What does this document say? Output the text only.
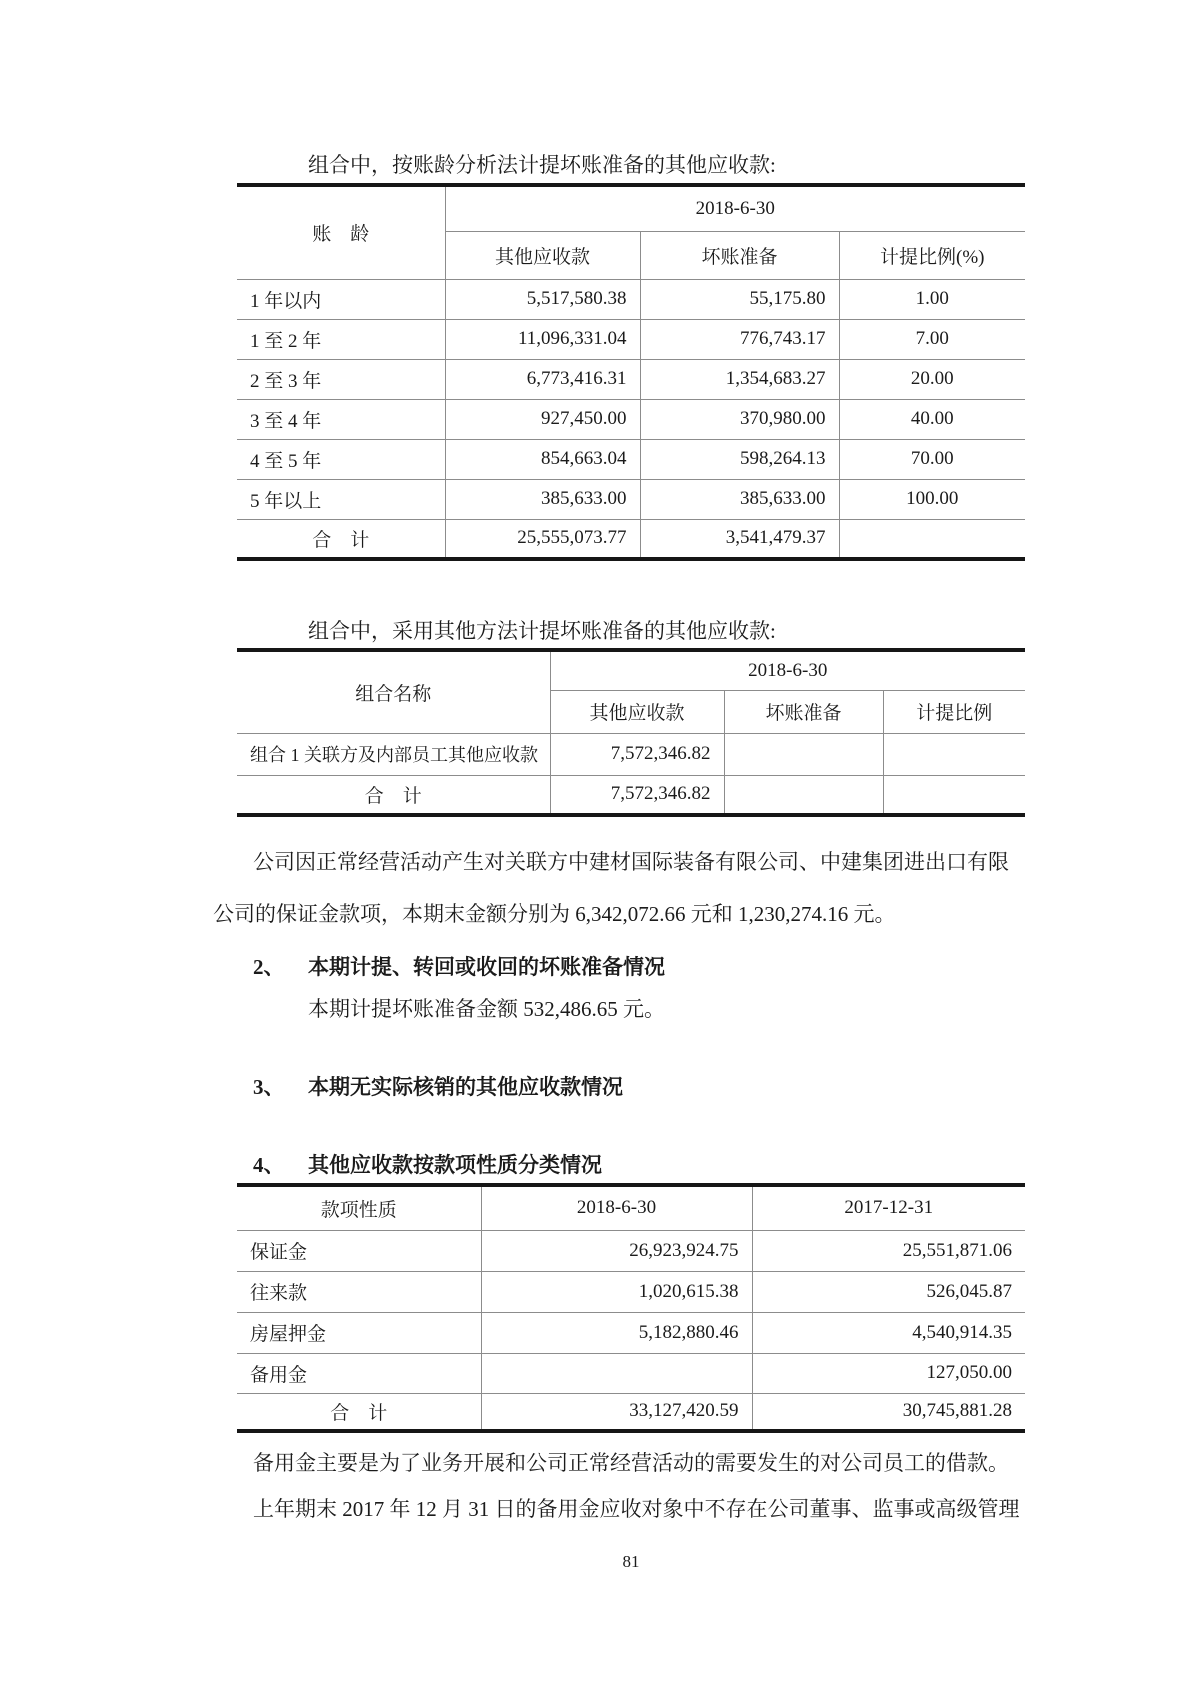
组合中，按账龄分析法计提坏账准备的其他应收款:
账　龄	2018-6-30		
	其他应收款	坏账准备	计提比例(%)
1 年以内	5,517,580.38	55,175.80	1.00
1 至 2 年	11,096,331.04	776,743.17	7.00
2 至 3 年	6,773,416.31	1,354,683.27	20.00
3 至 4 年	927,450.00	370,980.00	40.00
4 至 5 年	854,663.04	598,264.13	70.00
5 年以上	385,633.00	385,633.00	100.00
合　计	25,555,073.77	3,541,479.37	
组合中，采用其他方法计提坏账准备的其他应收款:
组合名称	2018-6-30		
	其他应收款	坏账准备	计提比例
组合 1 关联方及内部员工其他应收款	7,572,346.82		
合　计	7,572,346.82		
公司因正常经营活动产生对关联方中建材国际装备有限公司、中建集团进出口有限
公司的保证金款项，本期末金额分别为 6,342,072.66 元和 1,230,274.16 元。
2、 本期计提、转回或收回的坏账准备情况
本期计提坏账准备金额 532,486.65 元。
3、 本期无实际核销的其他应收款情况
4、 其他应收款按款项性质分类情况
款项性质	2018-6-30	2017-12-31
保证金	26,923,924.75	25,551,871.06
往来款	1,020,615.38	526,045.87
房屋押金	5,182,880.46	4,540,914.35
备用金		127,050.00
合　计	33,127,420.59	30,745,881.28
备用金主要是为了业务开展和公司正常经营活动的需要发生的对公司员工的借款。
上年期末 2017 年 12 月 31 日的备用金应收对象中不存在公司董事、监事或高级管理
81
